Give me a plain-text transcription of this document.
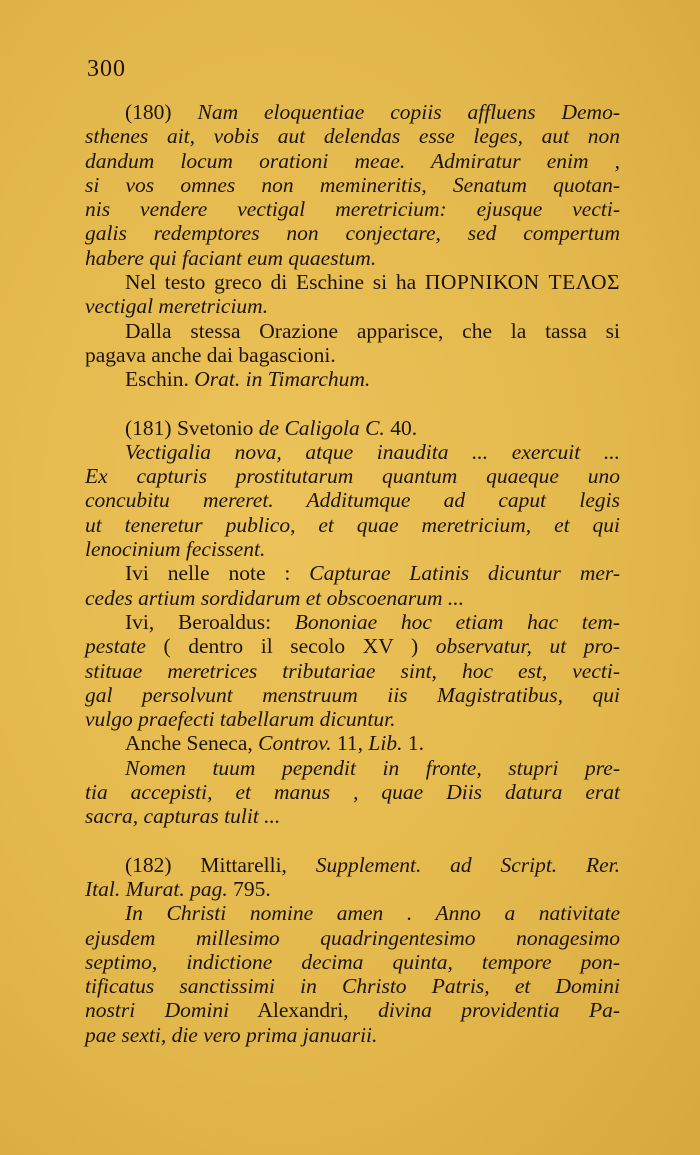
300
(180) Nam eloquentiae copiis affluens Demo-
sthenes ait, vobis aut delendas esse leges, aut non
dandum locum orationi meae. Admiratur enim ,
si vos omnes non memineritis, Senatum quotan-
nis vendere vectigal meretricium: ejusque vecti-
galis redemptores non conjectare, sed compertum
habere qui faciant eum quaestum.
Nel testo greco di Eschine si ha ΠΟΡΝΙΚΟΝ ΤΕΛΟΣ
vectigal meretricium.
Dalla stessa Orazione apparisce, che la tassa si
pagava anche dai bagascioni.
Eschin. Orat. in Timarchum.
(181) Svetonio de Caligola C. 40.
Vectigalia nova, atque inaudita ... exercuit ...
Ex capturis prostitutarum quantum quaeque uno
concubitu mereret. Additumque ad caput legis
ut teneretur publico, et quae meretricium, et qui
lenocinium fecissent.
Ivi nelle note : Capturae Latinis dicuntur mer-
cedes artium sordidarum et obscoenarum ...
Ivi, Beroaldus: Bononiae hoc etiam hac tem-
pestate ( dentro il secolo XV ) observatur, ut pro-
stituae meretrices tributariae sint, hoc est, vecti-
gal persolvunt menstruum iis Magistratibus, qui
vulgo praefecti tabellarum dicuntur.
Anche Seneca, Controv. 11, Lib. 1.
Nomen tuum pependit in fronte, stupri pre-
tia accepisti, et manus , quae Diis datura erat
sacra, capturas tulit ...
(182) Mittarelli, Supplement. ad Script. Rer.
Ital. Murat. pag. 795.
In Christi nomine amen . Anno a nativitate
ejusdem millesimo quadringentesimo nonagesimo
septimo, indictione decima quinta, tempore pon-
tificatus sanctissimi in Christo Patris, et Domini
nostri Domini Alexandri, divina providentia Pa-
pae sexti, die vero prima januarii.
